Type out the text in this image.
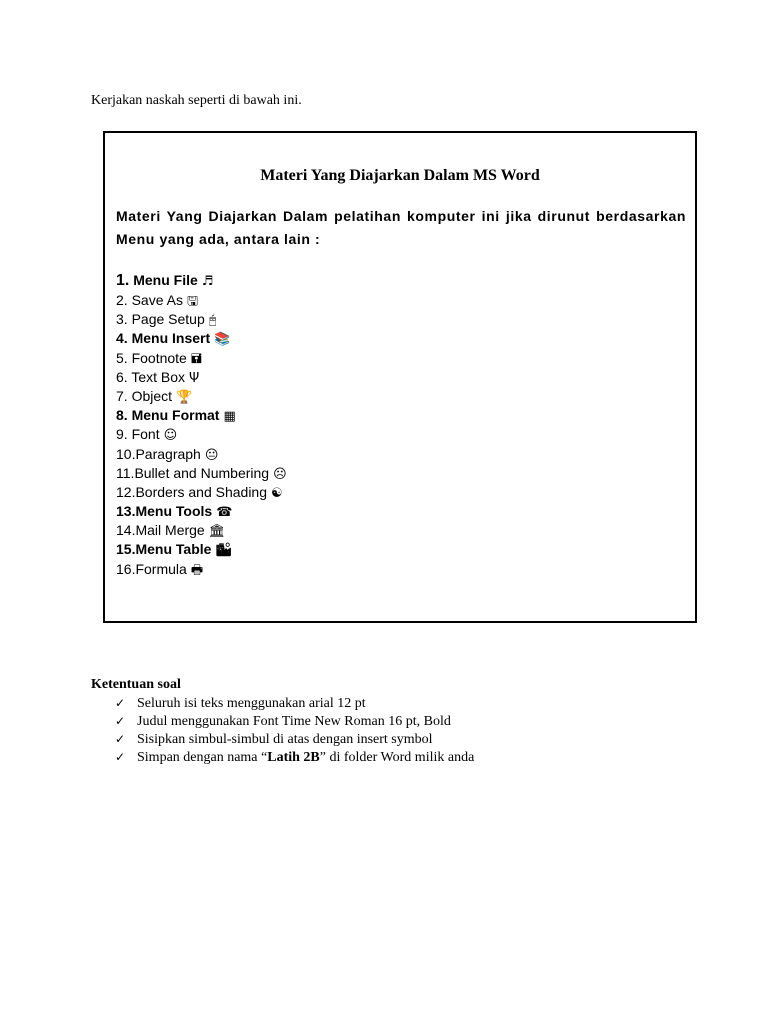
Kerjakan naskah seperti di bawah ini.
Materi Yang Diajarkan Dalam MS Word
Materi Yang Diajarkan Dalam pelatihan komputer ini jika dirunut berdasarkan Menu yang ada, antara lain :
1. Menu File ♬
2. Save As 🖫
3. Page Setup 🖰
4. Menu Insert 📚
5. Footnote 🖬
6. Text Box Ψ
7. Object 🏆
8. Menu Format ▦
9. Font ☺
10.Paragraph 😐
11.Bullet and Numbering ☹
12.Borders and Shading ☯
13.Menu Tools ☎
14.Mail Merge 🏛
15.Menu Table 🏙
16.Formula 🖶
Ketentuan soal
✓ Seluruh isi teks menggunakan arial 12 pt
✓ Judul menggunakan Font Time New Roman 16 pt, Bold
✓ Sisipkan simbul-simbul di atas dengan insert symbol
✓ Simpan dengan nama “Latih 2B” di folder Word milik anda
